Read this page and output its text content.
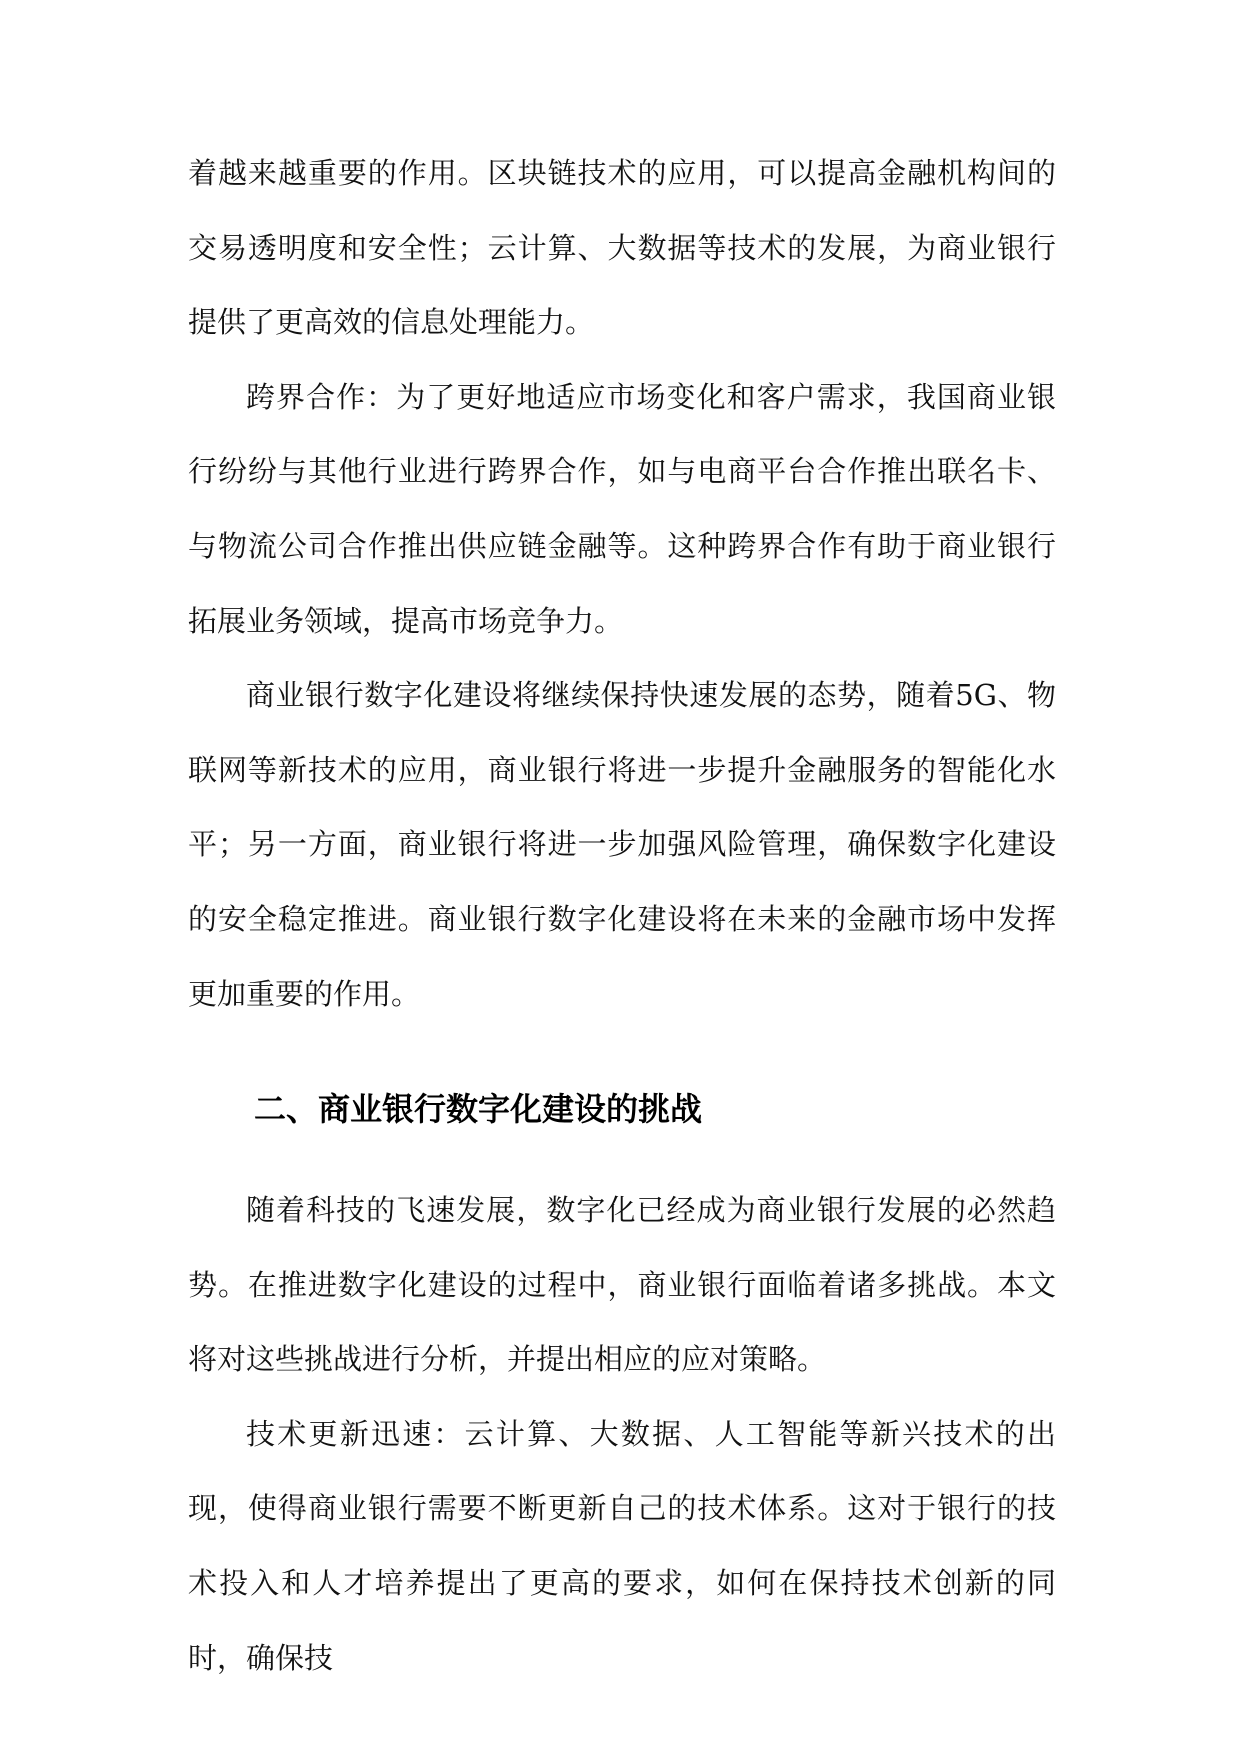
着越来越重要的作用。区块链技术的应用，可以提高金融机构间的交易透明度和安全性；云计算、大数据等技术的发展，为商业银行提供了更高效的信息处理能力。

跨界合作：为了更好地适应市场变化和客户需求，我国商业银行纷纷与其他行业进行跨界合作，如与电商平台合作推出联名卡、与物流公司合作推出供应链金融等。这种跨界合作有助于商业银行拓展业务领域，提高市场竞争力。

商业银行数字化建设将继续保持快速发展的态势，随着5G、物联网等新技术的应用，商业银行将进一步提升金融服务的智能化水平；另一方面，商业银行将进一步加强风险管理，确保数字化建设的安全稳定推进。商业银行数字化建设将在未来的金融市场中发挥更加重要的作用。

二、商业银行数字化建设的挑战

随着科技的飞速发展，数字化已经成为商业银行发展的必然趋势。在推进数字化建设的过程中，商业银行面临着诸多挑战。本文将对这些挑战进行分析，并提出相应的应对策略。

技术更新迅速：云计算、大数据、人工智能等新兴技术的出现，使得商业银行需要不断更新自己的技术体系。这对于银行的技术投入和人才培养提出了更高的要求，如何在保持技术创新的同时，确保技
